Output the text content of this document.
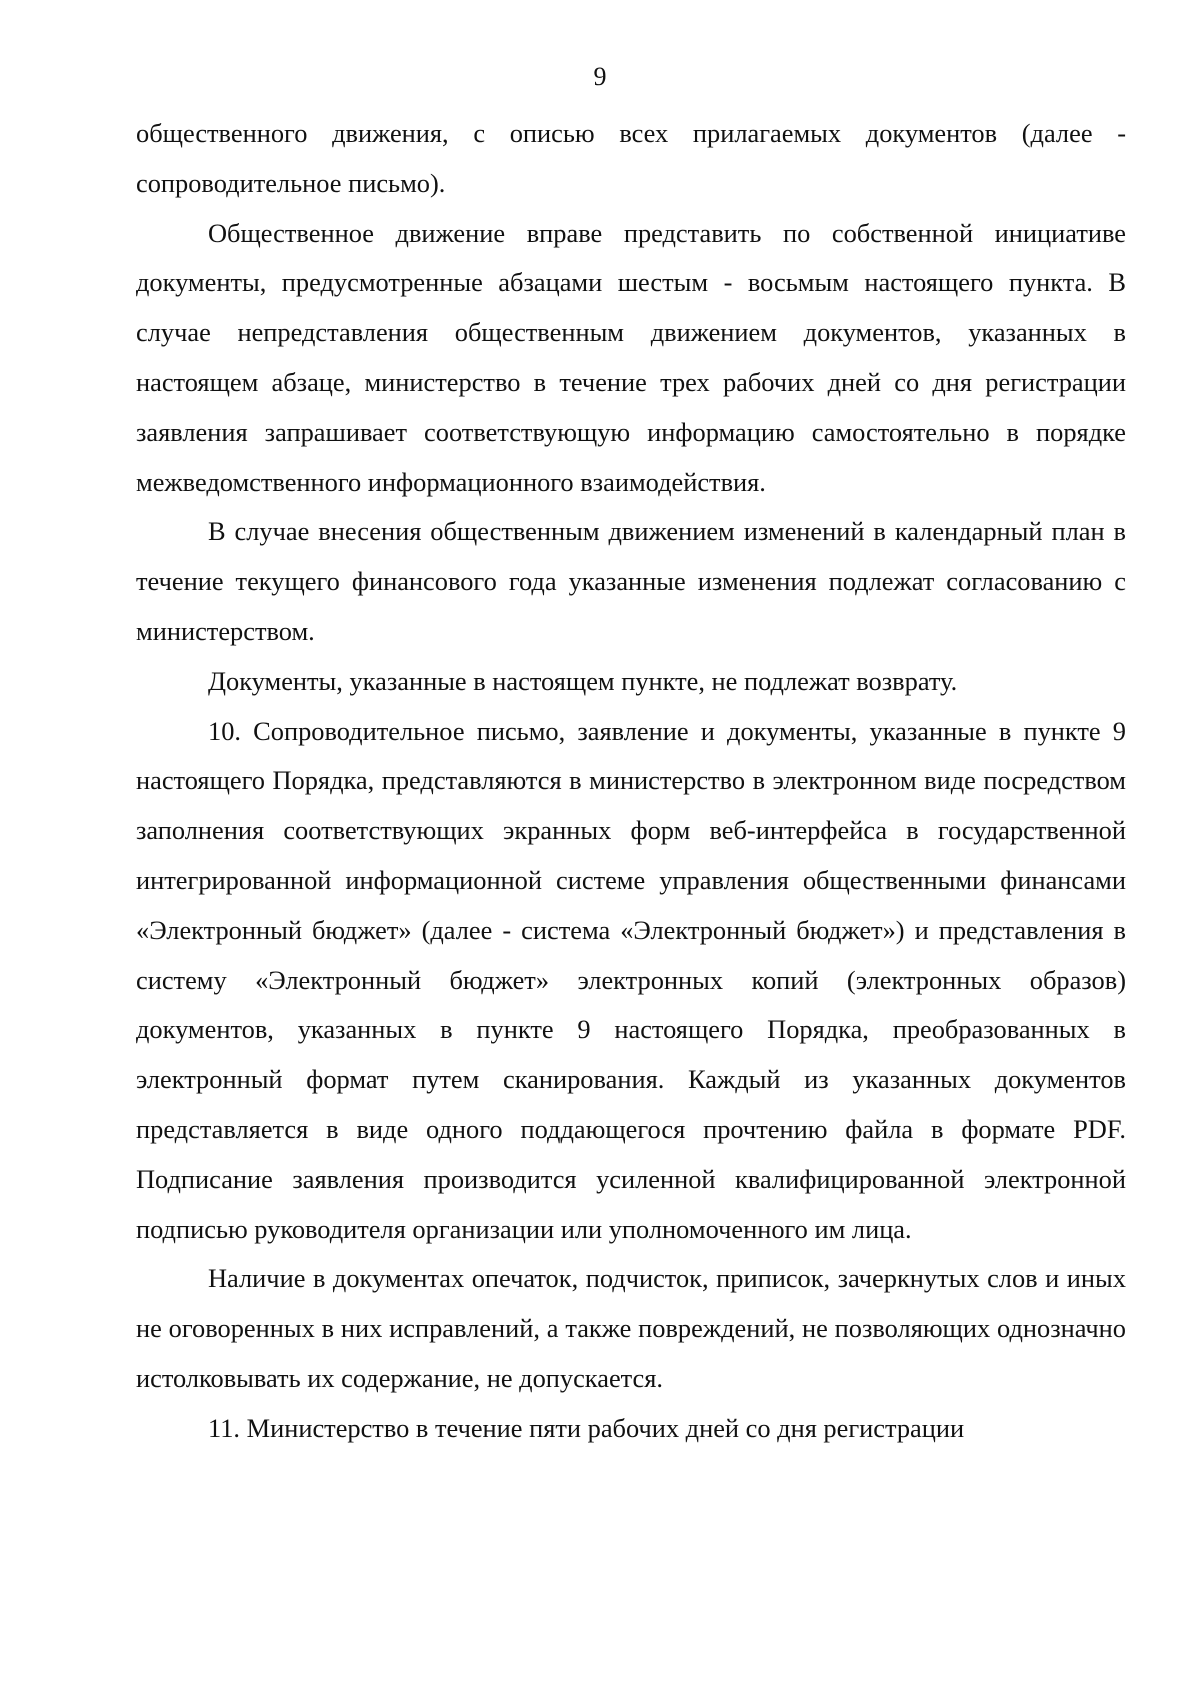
9

общественного движения, с описью всех прилагаемых документов (далее - сопроводительное письмо).

Общественное движение вправе представить по собственной инициативе документы, предусмотренные абзацами шестым - восьмым настоящего пункта. В случае непредставления общественным движением документов, указанных в настоящем абзаце, министерство в течение трех рабочих дней со дня регистрации заявления запрашивает соответствующую информацию самостоятельно в порядке межведомственного информационного взаимодействия.

В случае внесения общественным движением изменений в календарный план в течение текущего финансового года указанные изменения подлежат согласованию с министерством.

Документы, указанные в настоящем пункте, не подлежат возврату.

10. Сопроводительное письмо, заявление и документы, указанные в пункте 9 настоящего Порядка, представляются в министерство в электронном виде посредством заполнения соответствующих экранных форм веб-интерфейса в государственной интегрированной информационной системе управления общественными финансами «Электронный бюджет» (далее - система «Электронный бюджет») и представления в систему «Электронный бюджет» электронных копий (электронных образов) документов, указанных в пункте 9 настоящего Порядка, преобразованных в электронный формат путем сканирования. Каждый из указанных документов представляется в виде одного поддающегося прочтению файла в формате PDF. Подписание заявления производится усиленной квалифицированной электронной подписью руководителя организации или уполномоченного им лица.

Наличие в документах опечаток, подчисток, приписок, зачеркнутых слов и иных не оговоренных в них исправлений, а также повреждений, не позволяющих однозначно истолковывать их содержание, не допускается.

11. Министерство в течение пяти рабочих дней со дня регистрации
